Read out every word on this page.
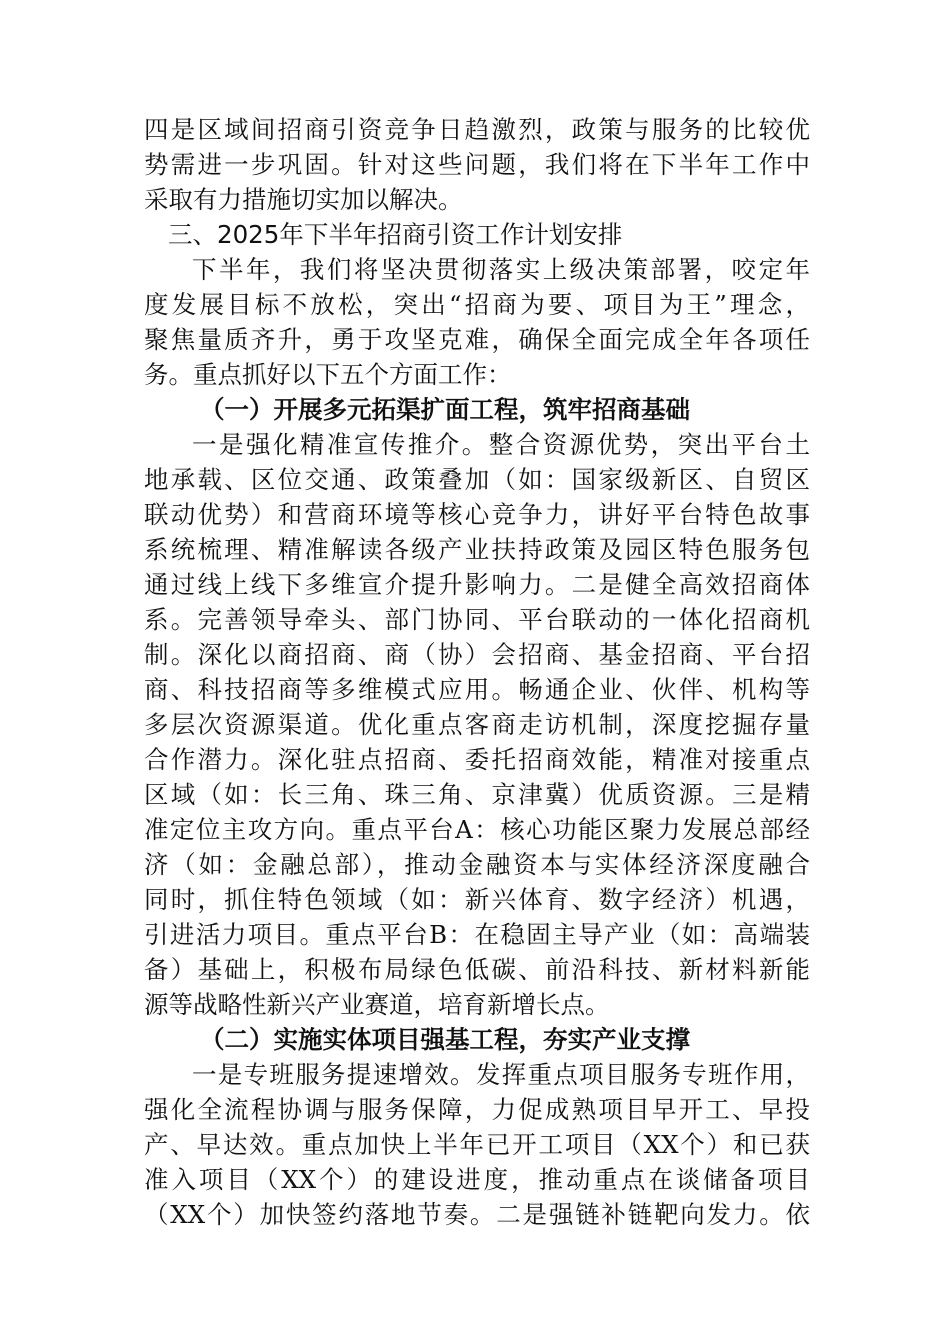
四是区域间招商引资竞争日趋激烈，政策与服务的比较优
势需进一步巩固。针对这些问题，我们将在下半年工作中
采取有力措施切实加以解决。
三、2025年下半年招商引资工作计划安排
下半年，我们将坚决贯彻落实上级决策部署，咬定年
度发展目标不放松，突出“招商为要、项目为王”理念，
聚焦量质齐升，勇于攻坚克难，确保全面完成全年各项任
务。重点抓好以下五个方面工作：
（一）开展多元拓渠扩面工程，筑牢招商基础
一是强化精准宣传推介。整合资源优势，突出平台土
地承载、区位交通、政策叠加（如：国家级新区、自贸区
联动优势）和营商环境等核心竞争力，讲好平台特色故事
系统梳理、精准解读各级产业扶持政策及园区特色服务包
通过线上线下多维宣介提升影响力。二是健全高效招商体
系。完善领导牵头、部门协同、平台联动的一体化招商机
制。深化以商招商、商（协）会招商、基金招商、平台招
商、科技招商等多维模式应用。畅通企业、伙伴、机构等
多层次资源渠道。优化重点客商走访机制，深度挖掘存量
合作潜力。深化驻点招商、委托招商效能，精准对接重点
区域（如：长三角、珠三角、京津冀）优质资源。三是精
准定位主攻方向。重点平台A：核心功能区聚力发展总部经
济（如：金融总部），推动金融资本与实体经济深度融合
同时，抓住特色领域（如：新兴体育、数字经济）机遇，
引进活力项目。重点平台B：在稳固主导产业（如：高端装
备）基础上，积极布局绿色低碳、前沿科技、新材料新能
源等战略性新兴产业赛道，培育新增长点。
（二）实施实体项目强基工程，夯实产业支撑
一是专班服务提速增效。发挥重点项目服务专班作用，
强化全流程协调与服务保障，力促成熟项目早开工、早投
产、早达效。重点加快上半年已开工项目（XX个）和已获
准入项目（XX个）的建设进度，推动重点在谈储备项目
（XX个）加快签约落地节奏。二是强链补链靶向发力。依
